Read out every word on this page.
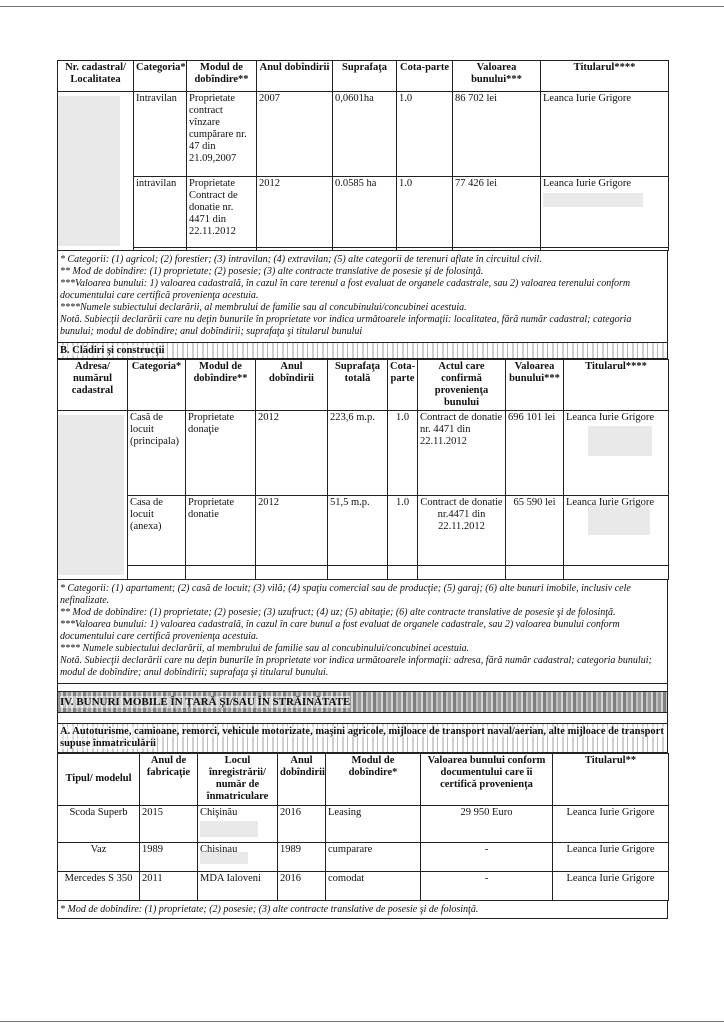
Nr. cadastral/ Localitatea	Categoria*	Modul de dobîndire**	Anul dobîndirii	Suprafaţa	Cota-parte	Valoarea bunului***	Titularul****

	Intravilan	Proprietate contract vînzare cumpărare nr. 47 din 21.09,2007	2007	0,0601ha	1.0	86 702 lei	Leanca Iurie Grigore
	intravilan	Proprietate Contract de donatie nr. 4471 din 22.11.2012	2012	0.0585 ha	1.0	77 426 lei	Leanca Iurie Grigore

* Categorii: (1) agricol; (2) forestier; (3) intravilan; (4) extravilan; (5) alte categorii de terenuri aflate în circuitul civil.
** Mod de dobîndire: (1) proprietate; (2) posesie; (3) alte contracte translative de posesie şi de folosinţă.
***Valoarea bunului: 1) valoarea cadastrală, în cazul în care terenul a fost evaluat de organele cadastrale, sau 2) valoarea terenului conform documentului care certifică provenienţa acestuia.
****Numele subiectului declarării, al membrului de familie sau al concubinului/concubinei acestuia.
Notă. Subiecţii declarării care nu deţin bunurile în proprietate vor indica următoarele informaţii: localitatea, fără număr cadastral; categoria bunului; modul de dobîndire; anul dobîndirii; suprafaţa şi titularul bunului
B. Clădiri şi construcţii
Adresa/ numărul cadastral	Categoria*	Modul de dobîndire**	Anul dobîndirii	Suprafaţa totală	Cota-parte	Actul care confirmă provenienţa bunului	Valoarea bunului***	Titularul****

	Casă de locuit (principala)	Proprietate donaţie	2012	223,6 m.p.	1.0	Contract de donatie nr. 4471 din 22.11.2012	696 101 lei	Leanca Iurie Grigore

	Casa de locuit (anexa)	Proprietate donatie	2012	51,5 m.p.	1.0	Contract de donatie nr.4471 din 22.11.2012	65 590 lei	Leanca Iurie Grigore

* Categorii: (1) apartament; (2) casă de locuit; (3) vilă; (4) spaţiu comercial sau de producţie; (5) garaj; (6) alte bunuri imobile, inclusiv cele nefinalizate.
** Mod de dobîndire: (1) proprietate; (2) posesie; (3) uzufruct; (4) uz; (5) abitaţie; (6) alte contracte translative de posesie şi de folosinţă.
***Valoarea bunului: 1) valoarea cadastrală, în cazul în care bunul a fost evaluat de organele cadastrale, sau 2) valoarea bunului conform documentului care certifică provenienţa acestuia.
**** Numele subiectului declarării, al membrului de familie sau al concubinului/concubinei acestuia.
Notă. Subiecţii declarării care nu deţin bunurile în proprietate vor indica următoarele informaţii: adresa, fără număr cadastral; categoria bunului; modul de dobîndire; anul dobîndirii; suprafaţa şi titularul bunului.
IV. BUNURI MOBILE ÎN ŢARĂ ŞI/SAU ÎN STRĂINĂTATE
A. Autoturisme, camioane, remorci, vehicule motorizate, maşini agricole, mijloace de transport naval/aerian, alte mijloace de transport supuse înmatriculării
Tipul/ modelul	Anul de fabricaţie	Locul înregistrării/ număr de înmatriculare	Anul dobîndirii	Modul de dobîndire*	Valoarea bunului conform documentului care îi certifică provenienţa	Titularul**
Scoda Superb	2015	Chişinău	2016	Leasing	29 950 Euro	Leanca Iurie Grigore
Vaz	1989	Chisinau	1989	cumparare	-	Leanca Iurie Grigore
Mercedes S 350	2011	MDA Ialoveni	2016	comodat	-	Leanca Iurie Grigore
* Mod de dobîndire: (1) proprietate; (2) posesie; (3) alte contracte translative de posesie şi de folosinţă.
